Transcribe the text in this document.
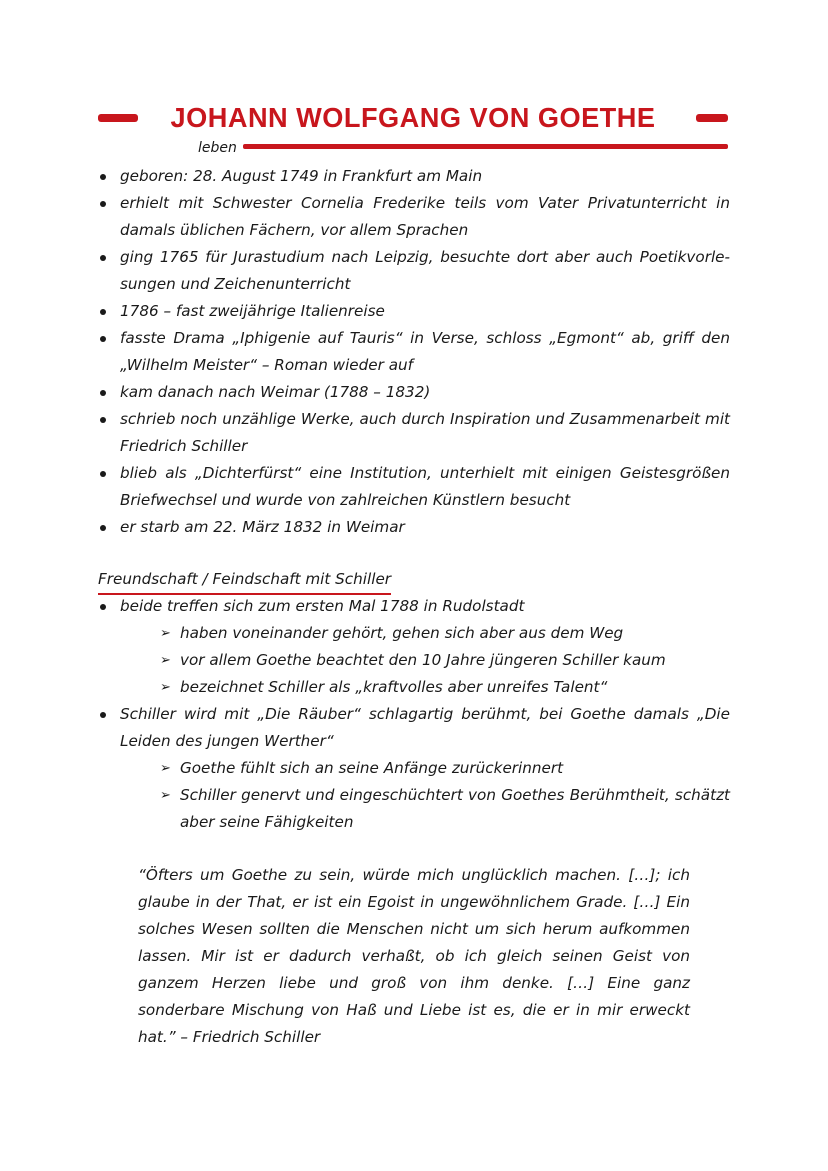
JOHANN WOLFGANG VON GOETHE
leben
geboren: 28. August 1749 in Frankfurt am Main
erhielt mit Schwester Cornelia Frederike teils vom Vater Privatunterricht in damals üblichen Fächern, vor allem Sprachen
ging 1765 für Jurastudium nach Leipzig, besuchte dort aber auch Poetikvorle-sungen und Zeichenunterricht
1786 – fast zweijährige Italienreise
fasste Drama „Iphigenie auf Tauris“ in Verse, schloss „Egmont“ ab, griff den „Wilhelm Meister“ – Roman wieder auf
kam danach nach Weimar (1788 – 1832)
schrieb noch unzählige Werke, auch durch Inspiration und Zusammenarbeit mit Friedrich Schiller
blieb als „Dichterfürst“ eine Institution, unterhielt mit einigen Geistesgrößen Briefwechsel und wurde von zahlreichen Künstlern besucht
er starb am 22. März 1832 in Weimar
Freundschaft / Feindschaft mit Schiller
beide treffen sich zum ersten Mal 1788 in Rudolstadt
➢ haben voneinander gehört, gehen sich aber aus dem Weg
➢ vor allem Goethe beachtet den 10 Jahre jüngeren Schiller kaum
➢ bezeichnet Schiller als „kraftvolles aber unreifes Talent“
Schiller wird mit „Die Räuber“ schlagartig berühmt, bei Goethe damals „Die Leiden des jungen Werther“
➢ Goethe fühlt sich an seine Anfänge zurückerinnert
➢ Schiller genervt und eingeschüchtert von Goethes Berühmtheit, schätzt aber seine Fähigkeiten

“Öfters um Goethe zu sein, würde mich unglücklich machen. […]; ich glaube in der That, er ist ein Egoist in ungewöhnlichem Grade. […] Ein solches Wesen sollten die Menschen nicht um sich herum aufkommen lassen. Mir ist er dadurch verhaßt, ob ich gleich seinen Geist von ganzem Herzen liebe und groß von ihm denke. […] Eine ganz sonderbare Mischung von Haß und Liebe ist es, die er in mir erweckt hat.” – Friedrich Schiller
